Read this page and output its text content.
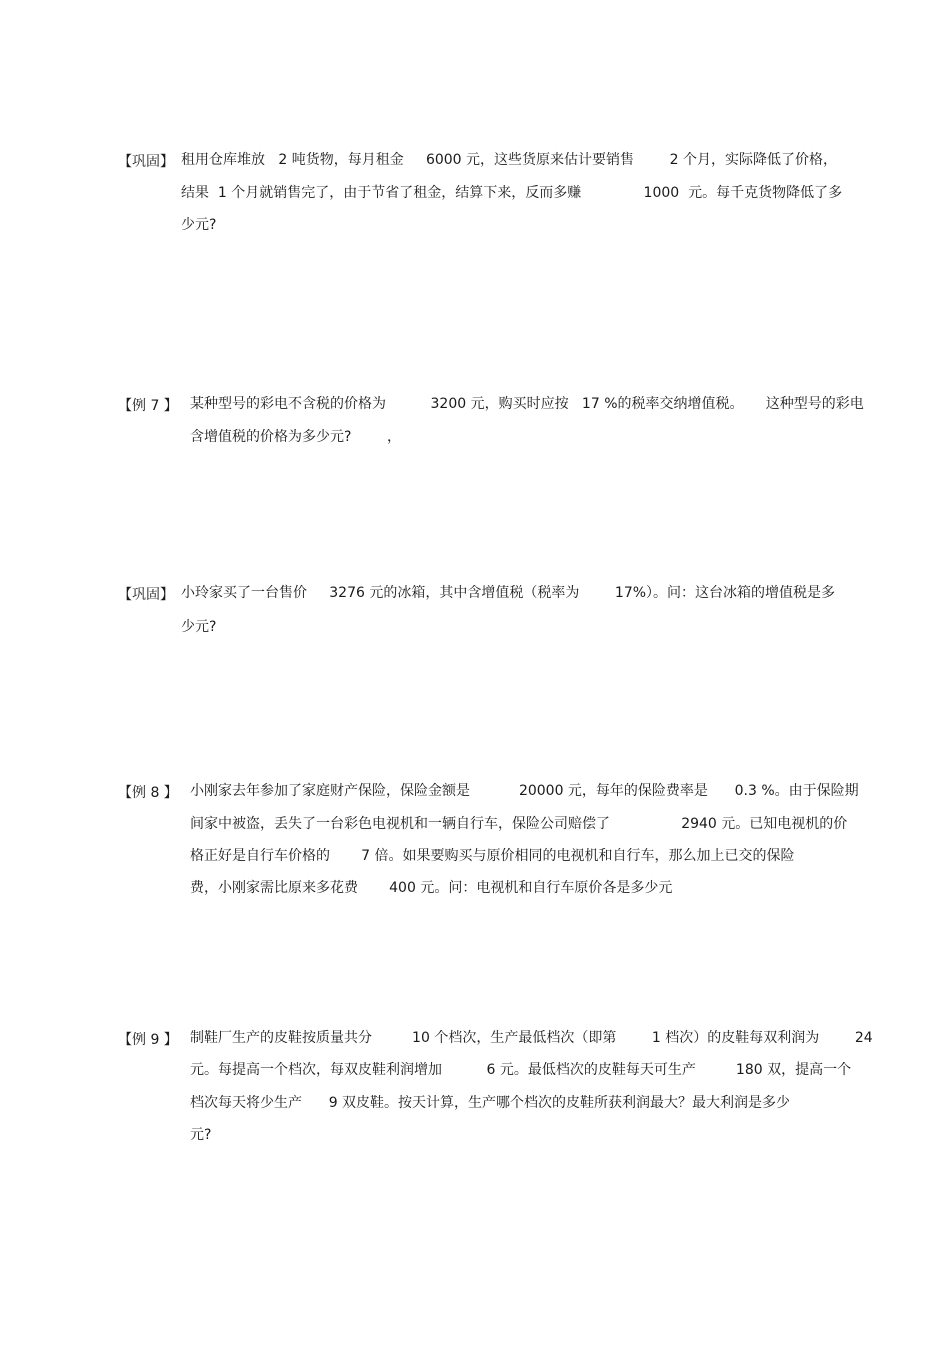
【巩固】 租用仓库堆放   2 吨货物，每月租金     6000 元，这些货原来估计要销售        2 个月，实际降低了价格，
结果  1 个月就销售完了，由于节省了租金，结算下来，反而多赚              1000  元。每千克货物降低了多
少元?
【例 7 】 某种型号的彩电不含税的价格为          3200 元，购买时应按   17 %的税率交纳增值税。     这种型号的彩电
含增值税的价格为多少元?        ，
【巩固】 小玲家买了一台售价     3276 元的冰箱，其中含增值税（税率为        17%）。问：这台冰箱的增值税是多
少元?
【例 8 】 小刚家去年参加了家庭财产保险，保险金额是           20000 元，每年的保险费率是      0.3 %。由于保险期
间家中被盗，丢失了一台彩色电视机和一辆自行车，保险公司赔偿了                2940 元。已知电视机的价
格正好是自行车价格的       7 倍。如果要购买与原价相同的电视机和自行车，那么加上已交的保险
费，小刚家需比原来多花费       400 元。问：电视机和自行车原价各是多少元
【例 9 】 制鞋厂生产的皮鞋按质量共分         10 个档次，生产最低档次（即第        1 档次）的皮鞋每双利润为        24
元。每提高一个档次，每双皮鞋利润增加          6 元。最低档次的皮鞋每天可生产         180 双，提高一个
档次每天将少生产      9 双皮鞋。按天计算，生产哪个档次的皮鞋所获利润最大？最大利润是多少
元?
